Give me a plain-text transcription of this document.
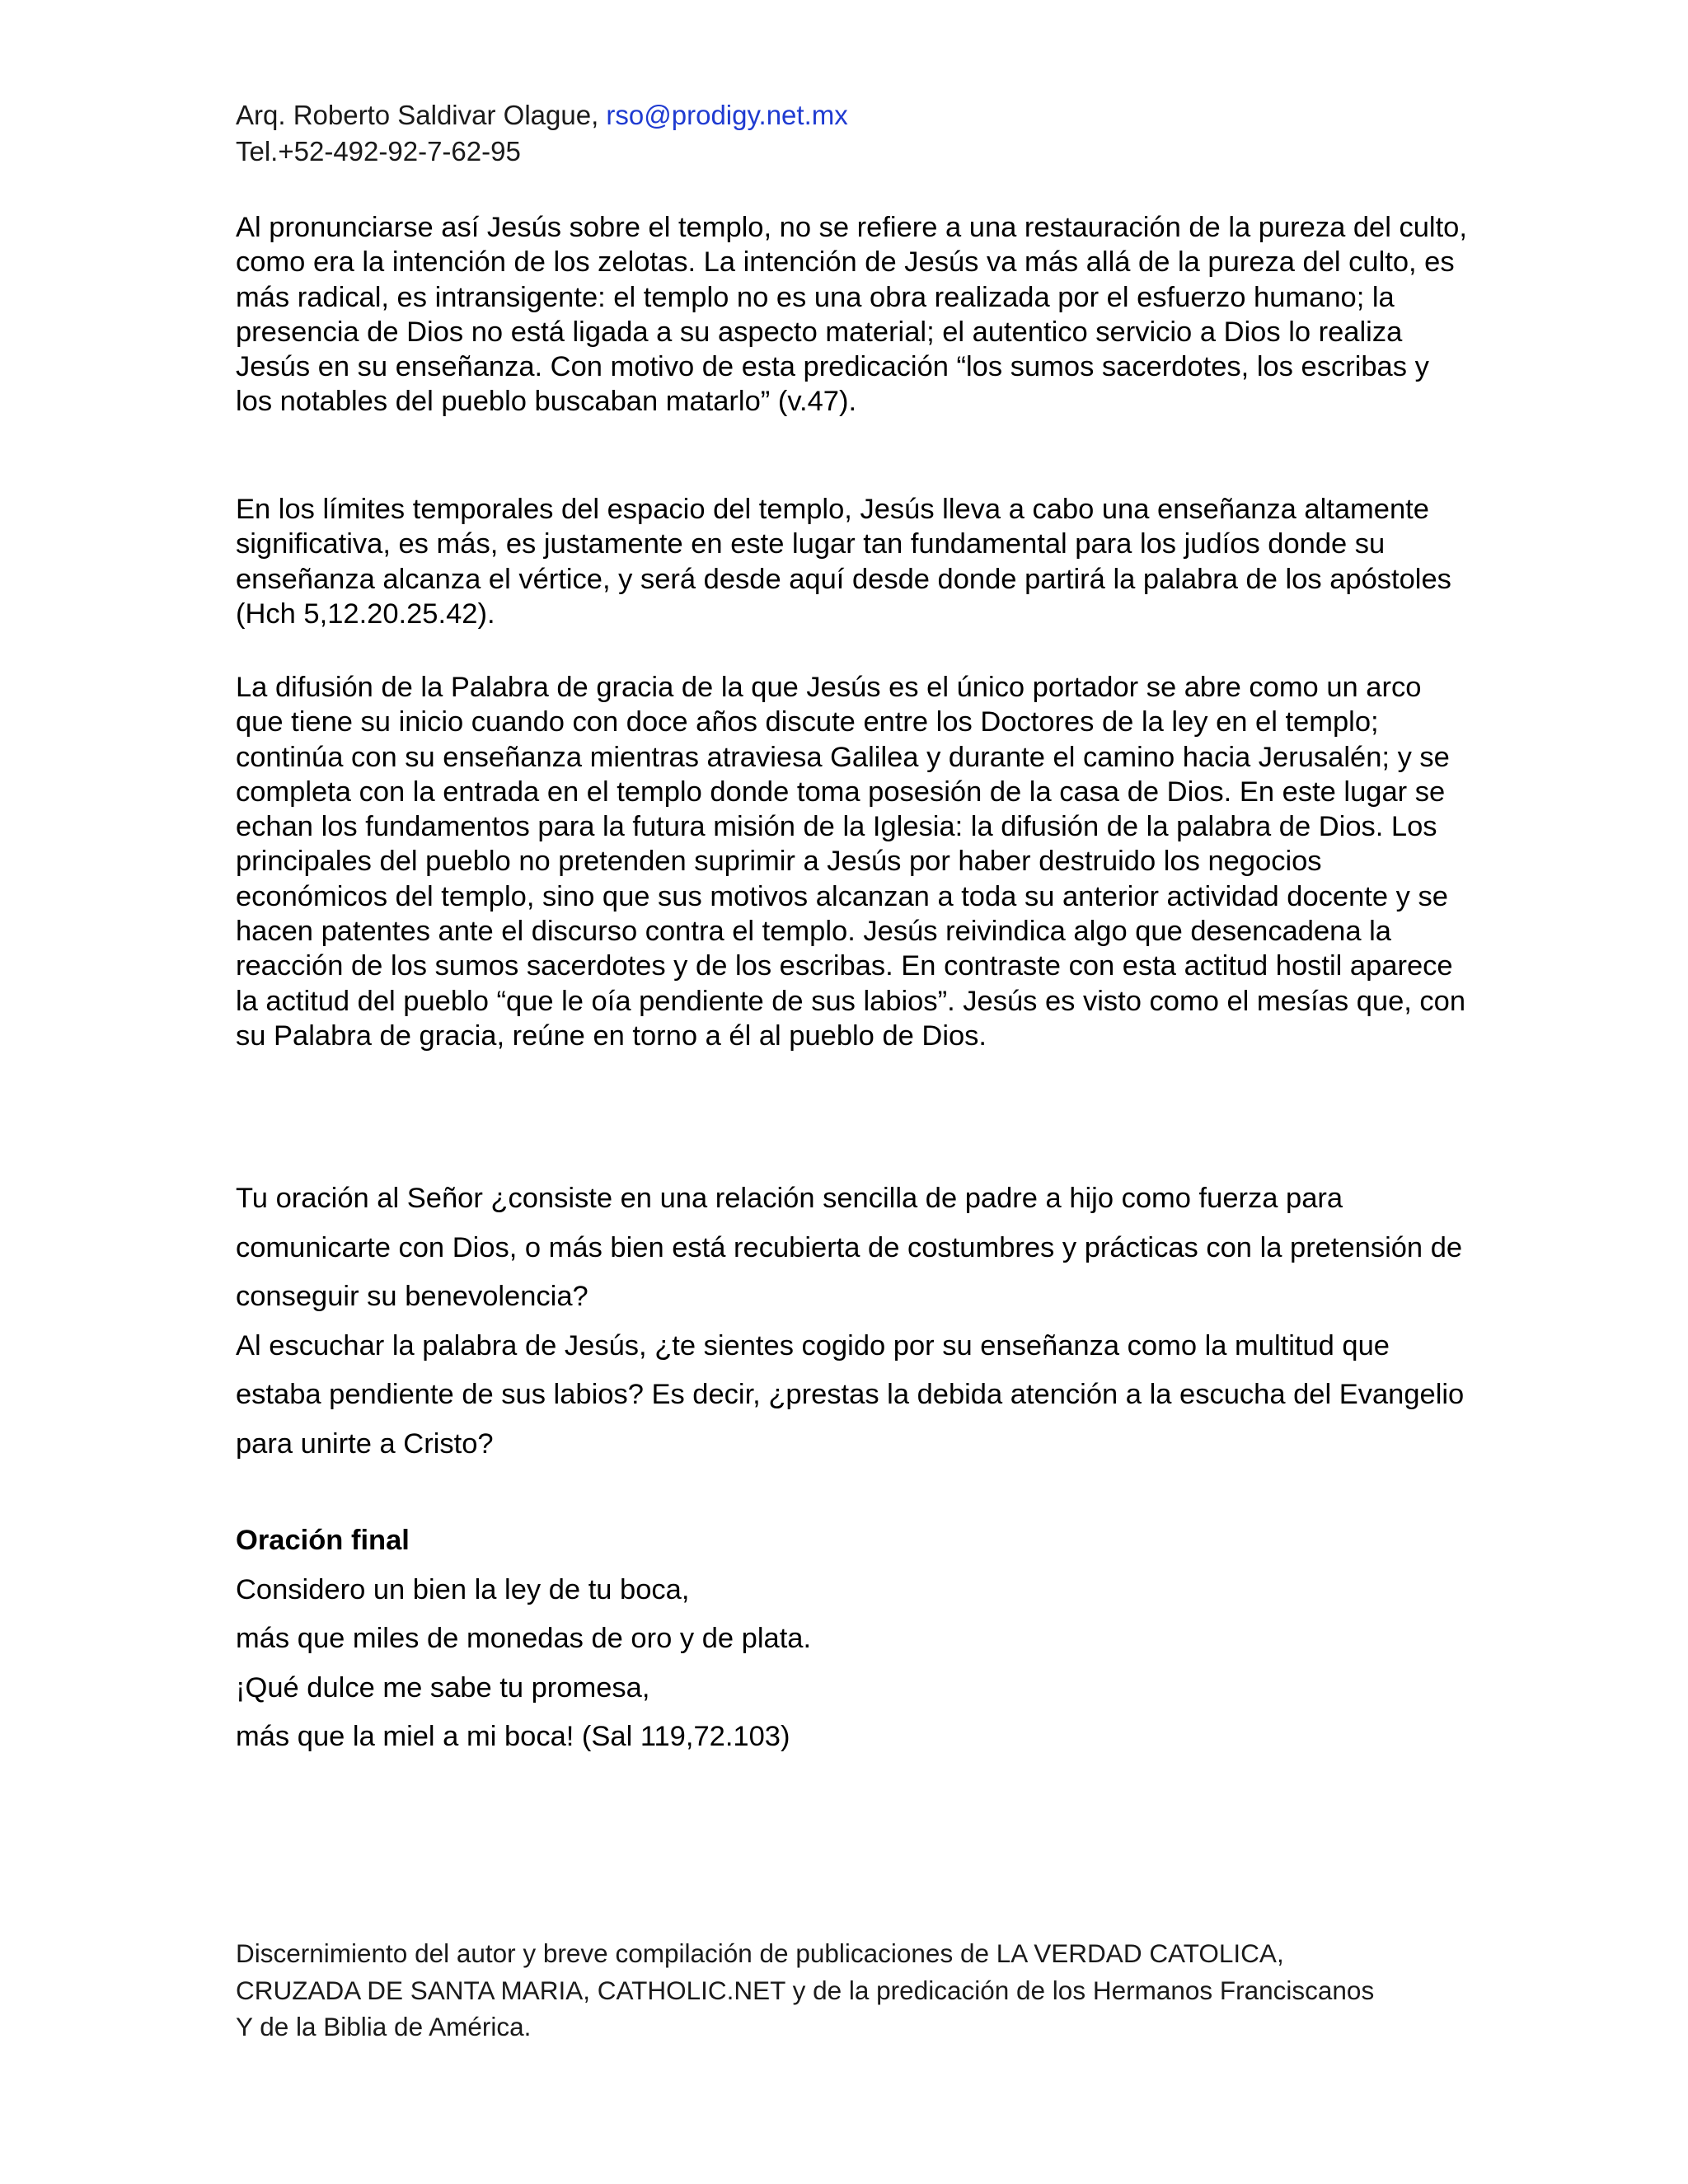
Arq. Roberto Saldivar Olague, rso@prodigy.net.mx
Tel.+52-492-92-7-62-95

Al pronunciarse así Jesús sobre el templo, no se refiere a una restauración de la pureza del culto, como era la intención de los zelotas. La intención de Jesús va más allá de la pureza del culto, es más radical, es intransigente: el templo no es una obra realizada por el esfuerzo humano; la presencia de Dios no está ligada a su aspecto material; el autentico servicio a Dios lo realiza Jesús en su enseñanza. Con motivo de esta predicación “los sumos sacerdotes, los escribas y los notables del pueblo buscaban matarlo” (v.47).

En los límites temporales del espacio del templo, Jesús lleva a cabo una enseñanza altamente significativa, es más, es justamente en este lugar tan fundamental para los judíos donde su enseñanza alcanza el vértice, y será desde aquí desde donde partirá la palabra de los apóstoles (Hch 5,12.20.25.42).

La difusión de la Palabra de gracia de la que Jesús es el único portador se abre como un arco que tiene su inicio cuando con doce años discute entre los Doctores de la ley en el templo; continúa con su enseñanza mientras atraviesa Galilea y durante el camino hacia Jerusalén; y se completa con la entrada en el templo donde toma posesión de la casa de Dios. En este lugar se echan los fundamentos para la futura misión de la Iglesia: la difusión de la palabra de Dios. Los principales del pueblo no pretenden suprimir a Jesús por haber destruido los negocios económicos del templo, sino que sus motivos alcanzan a toda su anterior actividad docente y se hacen patentes ante el discurso contra el templo. Jesús reivindica algo que desencadena la reacción de los sumos sacerdotes y de los escribas. En contraste con esta actitud hostil aparece la actitud del pueblo “que le oía pendiente de sus labios”. Jesús es visto como el mesías que, con su Palabra de gracia, reúne en torno a él al pueblo de Dios.

Tu oración al Señor ¿consiste en una relación sencilla de padre a hijo como fuerza para comunicarte con Dios, o más bien está recubierta de costumbres y prácticas con la pretensión de conseguir su benevolencia?
Al escuchar la palabra de Jesús, ¿te sientes cogido por su enseñanza como la multitud que estaba pendiente de sus labios? Es decir, ¿prestas la debida atención a la escucha del Evangelio para unirte a Cristo?
Oración final
Considero un bien la ley de tu boca,
más que miles de monedas de oro y de plata.
¡Qué dulce me sabe tu promesa,
más que la miel a mi boca! (Sal 119,72.103)
Discernimiento del autor y breve compilación de publicaciones de LA VERDAD CATOLICA,
CRUZADA DE SANTA MARIA, CATHOLIC.NET y de la predicación de los Hermanos Franciscanos
Y de la Biblia de América.
